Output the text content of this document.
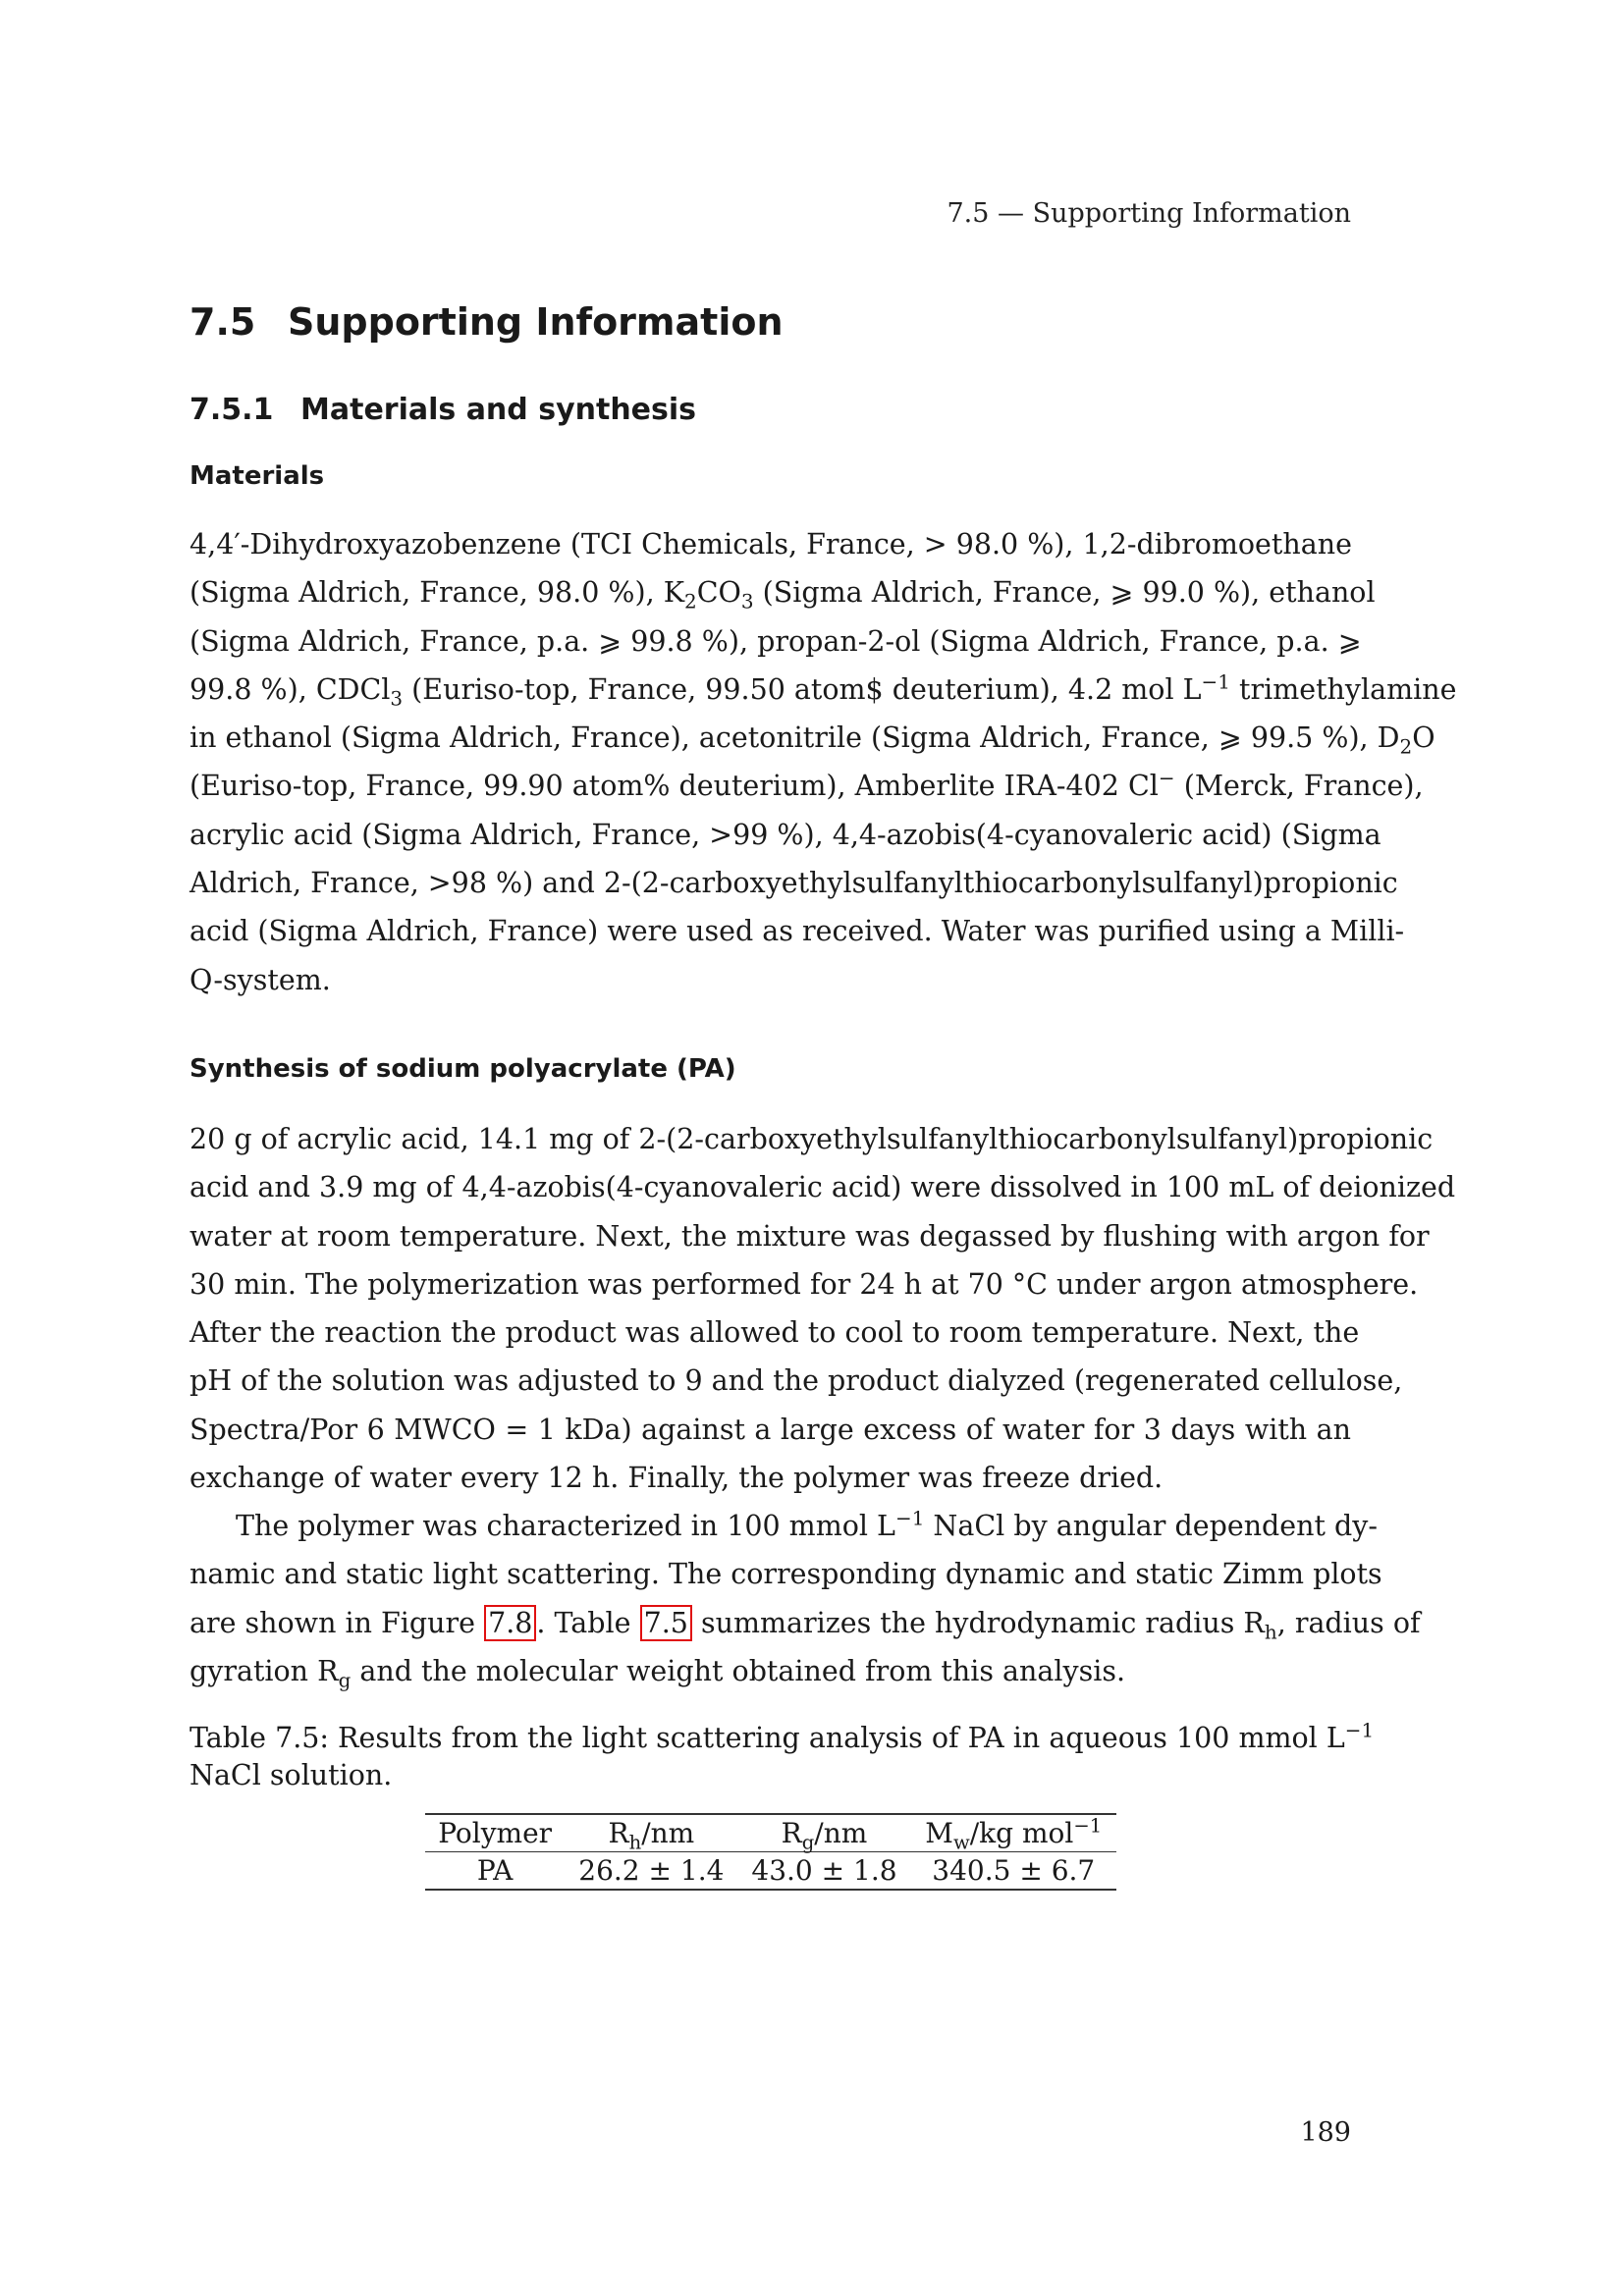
7.5 — Supporting Information
7.5 Supporting Information
7.5.1 Materials and synthesis
Materials
4,4′-Dihydroxyazobenzene (TCI Chemicals, France, > 98.0 %), 1,2-dibromoethane
(Sigma Aldrich, France, 98.0 %), $K_2CO_3$ (Sigma Aldrich, France, ⩾ 99.0 %), ethanol
(Sigma Aldrich, France, p.a. ⩾ 99.8 %), propan-2-ol (Sigma Aldrich, France, p.a. ⩾
99.8 %), CDCl$_3$ (Euriso-top, France, 99.50 atom$ deuterium), 4.2 mol $L^{-1}$ trimethylamine
in ethanol (Sigma Aldrich, France), acetonitrile (Sigma Aldrich, France, ⩾ 99.5 %), $D_2O$
(Euriso-top, France, 99.90 atom% deuterium), Amberlite IRA-402 Cl− (Merck, France),
acrylic acid (Sigma Aldrich, France, >99 %), 4,4-azobis(4-cyanovaleric acid) (Sigma
Aldrich, France, >98 %) and 2-(2-carboxyethylsulfanylthiocarbonylsulfanyl)propionic
acid (Sigma Aldrich, France) were used as received. Water was purified using a Milli-
Q-system.
Synthesis of sodium polyacrylate (PA)
20 g of acrylic acid, 14.1 mg of 2-(2-carboxyethylsulfanylthiocarbonylsulfanyl)propionic
acid and 3.9 mg of 4,4-azobis(4-cyanovaleric acid) were dissolved in 100 mL of deionized
water at room temperature. Next, the mixture was degassed by flushing with argon for
30 min. The polymerization was performed for 24 h at 70 °C under argon atmosphere.
After the reaction the product was allowed to cool to room temperature. Next, the
pH of the solution was adjusted to 9 and the product dialyzed (regenerated cellulose,
Spectra/Por 6 MWCO = 1 kDa) against a large excess of water for 3 days with an
exchange of water every 12 h. Finally, the polymer was freeze dried.
The polymer was characterized in 100 mmol $L^{-1}$ NaCl by angular dependent dy-
namic and static light scattering. The corresponding dynamic and static Zimm plots
are shown in Figure 7.8 . Table 7.5 summarizes the hydrodynamic radius $R_h$, radius of
gyration $R_g$ and the molecular weight obtained from this analysis.
Table 7.5: Results from the light scattering analysis of PA in aqueous 100 mmol $L^{-1}$
NaCl solution.
Polymer	$R_h/nm$	$R_g/nm$	$M_w/kg$ mol$^{-1}$
PA	26.2 ± 1.4	43.0 ± 1.8	340.5 ± 6.7
189
